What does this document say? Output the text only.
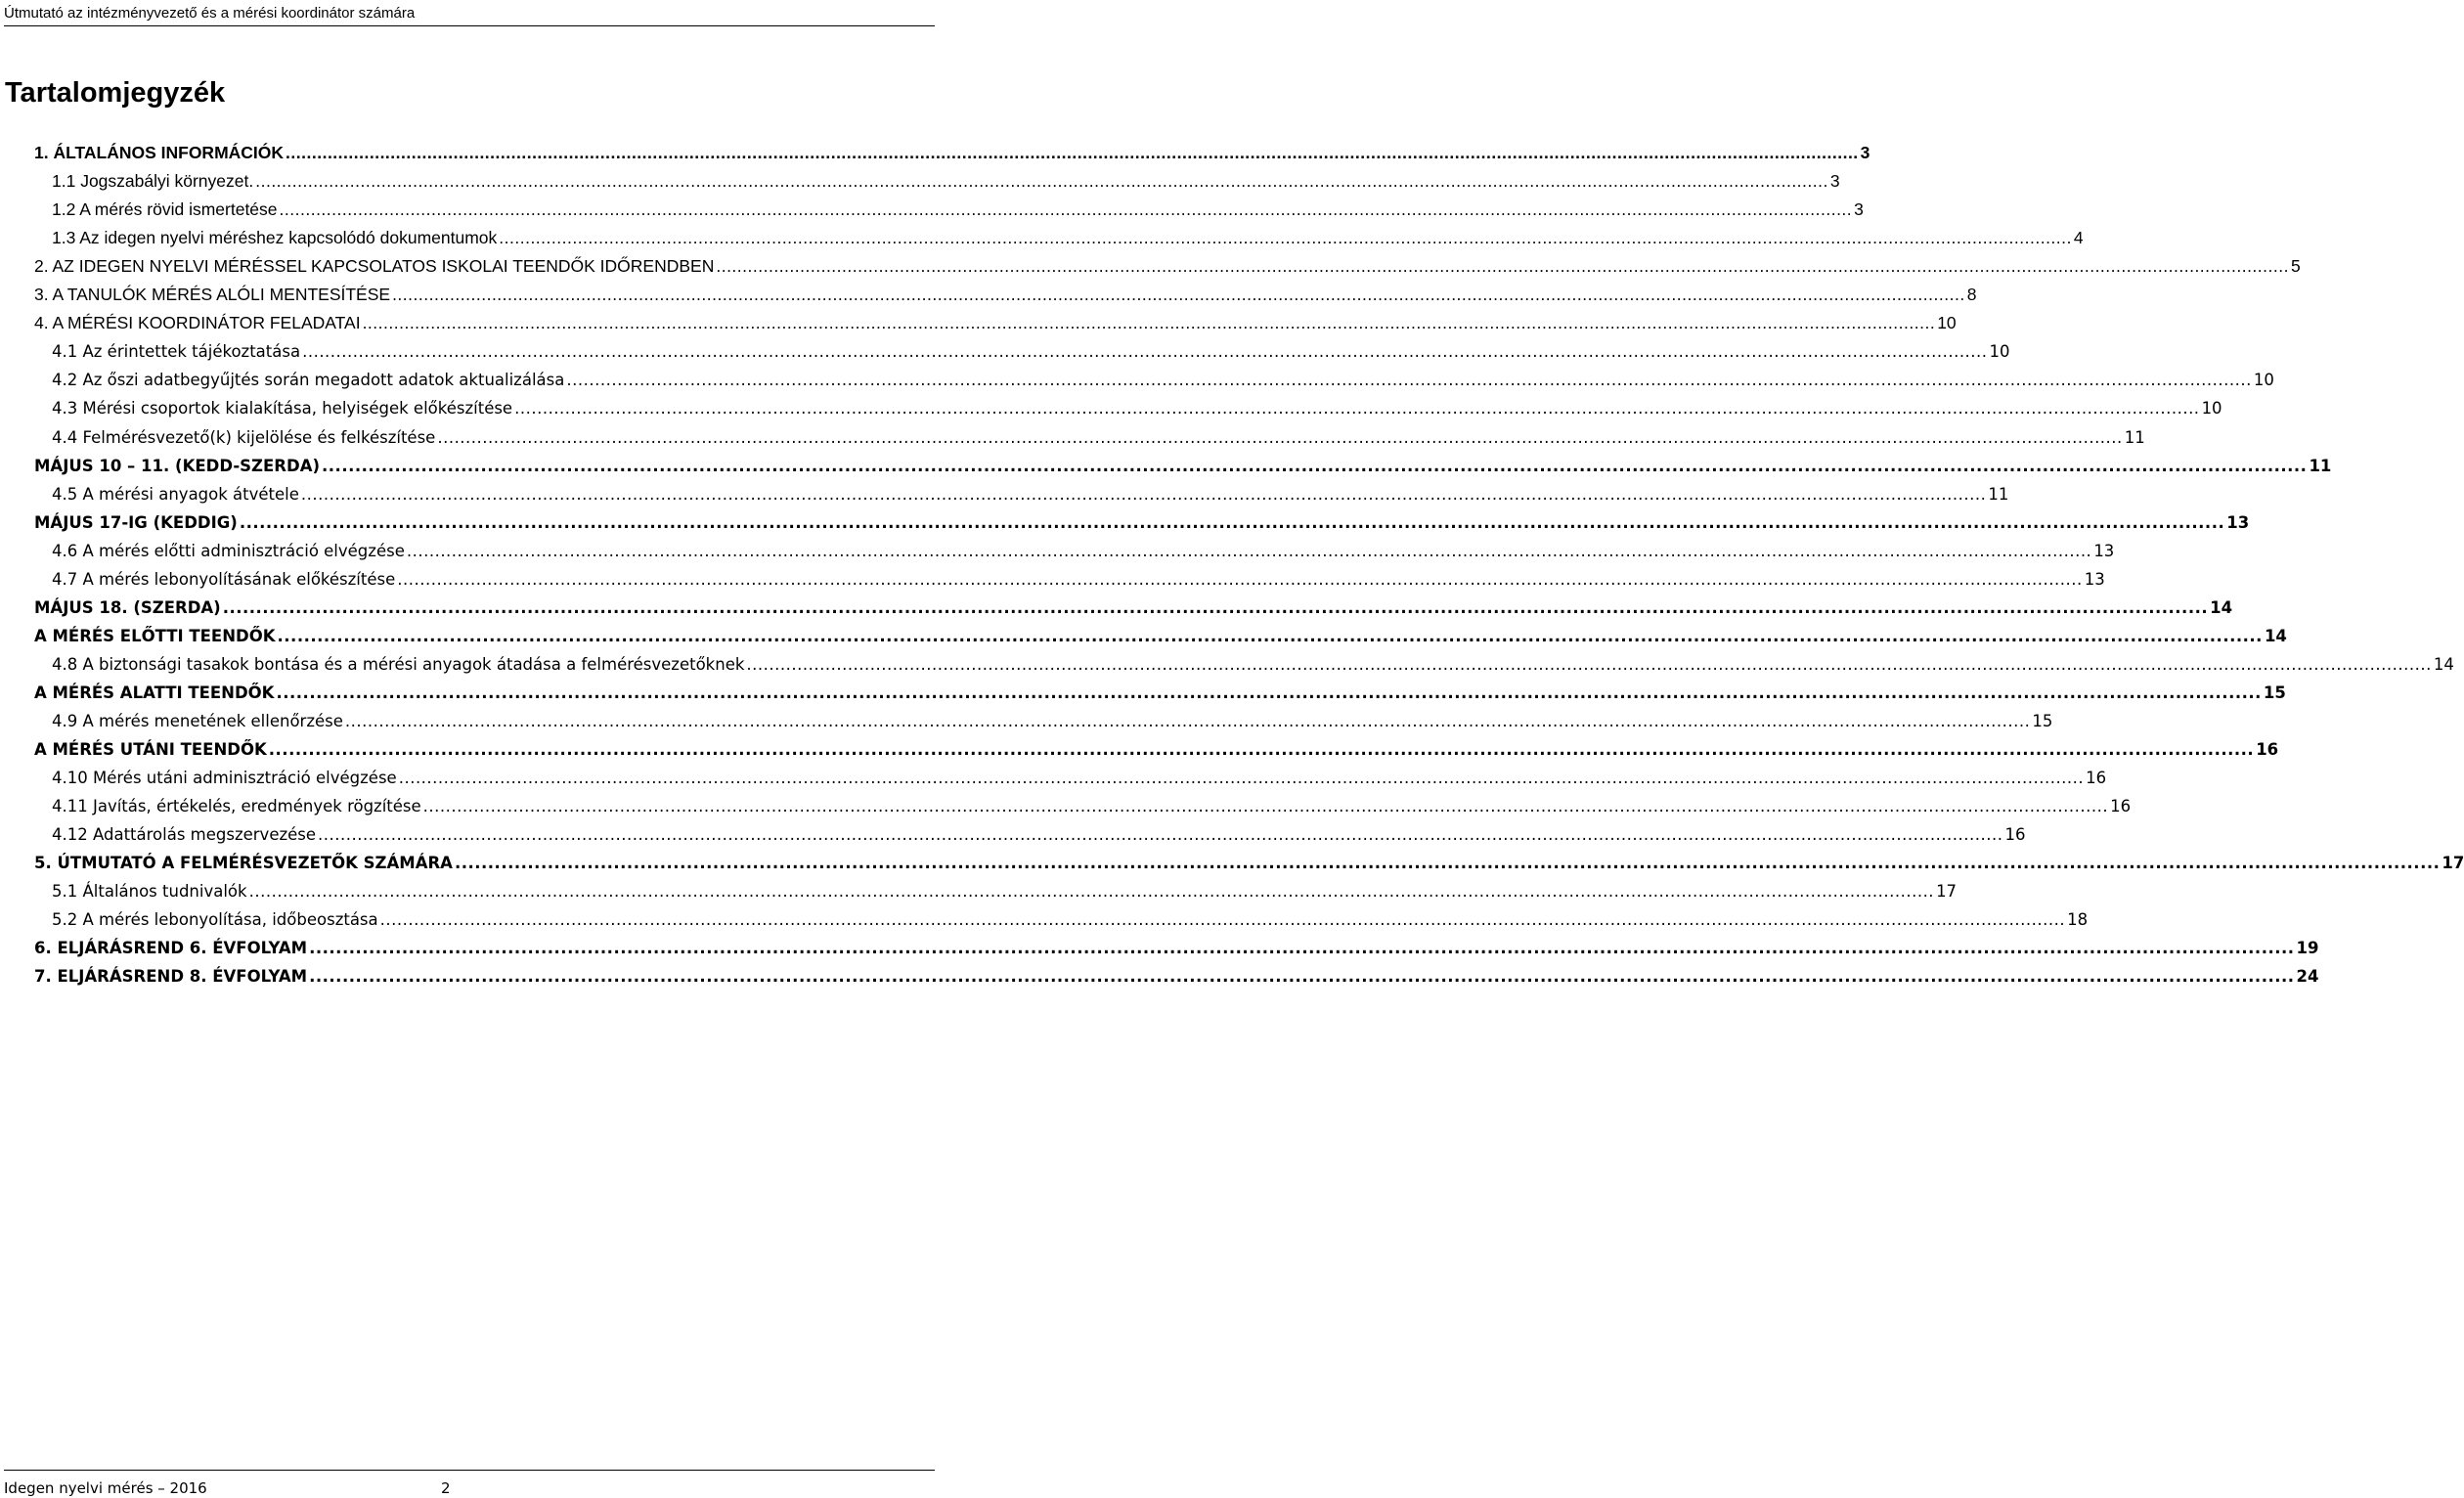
Útmutató az intézményvezető és a mérési koordinátor számára
Tartalomjegyzék
1. ÁLTALÁNOS INFORMÁCIÓK ............................................................................................................................................................................................................................................................................................................ 3
1.1 Jogszabályi környezet. ............................................................................................................................................................................................................................................................................................................ 3
1.2 A mérés rövid ismertetése ............................................................................................................................................................................................................................................................................................................ 3
1.3 Az idegen nyelvi méréshez kapcsolódó dokumentumok ............................................................................................................................................................................................................................................................................................................ 4
2. AZ IDEGEN NYELVI MÉRÉSSEL KAPCSOLATOS ISKOLAI TEENDŐK IDŐRENDBEN ............................................................................................................................................................................................................................................................................................................ 5
3. A TANULÓK MÉRÉS ALÓLI MENTESÍTÉSE ............................................................................................................................................................................................................................................................................................................ 8
4. A MÉRÉSI KOORDINÁTOR FELADATAI ............................................................................................................................................................................................................................................................................................................ 10
4.1 Az érintettek tájékoztatása ............................................................................................................................................................................................................................................................................................................ 10
4.2 Az őszi adatbegyűjtés során megadott adatok aktualizálása ............................................................................................................................................................................................................................................................................................................ 10
4.3 Mérési csoportok kialakítása, helyiségek előkészítése ............................................................................................................................................................................................................................................................................................................ 10
4.4 Felmérésvezető(k) kijelölése és felkészítése ............................................................................................................................................................................................................................................................................................................ 11
MÁJUS 10 – 11. (KEDD-SZERDA) ............................................................................................................................................................................................................................................................................................................ 11
4.5 A mérési anyagok átvétele ............................................................................................................................................................................................................................................................................................................ 11
MÁJUS 17-IG (KEDDIG) ............................................................................................................................................................................................................................................................................................................ 13
4.6 A mérés előtti adminisztráció elvégzése ............................................................................................................................................................................................................................................................................................................ 13
4.7 A mérés lebonyolításának előkészítése ............................................................................................................................................................................................................................................................................................................ 13
MÁJUS 18. (SZERDA) ............................................................................................................................................................................................................................................................................................................ 14
A MÉRÉS ELŐTTI TEENDŐK ............................................................................................................................................................................................................................................................................................................ 14
4.8 A biztonsági tasakok bontása és a mérési anyagok átadása a felmérésvezetőknek ............................................................................................................................................................................................................................................................................................................ 14
A MÉRÉS ALATTI TEENDŐK ............................................................................................................................................................................................................................................................................................................ 15
4.9 A mérés menetének ellenőrzése ............................................................................................................................................................................................................................................................................................................ 15
A MÉRÉS UTÁNI TEENDŐK ............................................................................................................................................................................................................................................................................................................ 16
4.10 Mérés utáni adminisztráció elvégzése ............................................................................................................................................................................................................................................................................................................ 16
4.11 Javítás, értékelés, eredmények rögzítése ............................................................................................................................................................................................................................................................................................................ 16
4.12 Adattárolás megszervezése ............................................................................................................................................................................................................................................................................................................ 16
5. ÚTMUTATÓ A FELMÉRÉSVEZETŐK SZÁMÁRA ............................................................................................................................................................................................................................................................................................................ 17
5.1 Általános tudnivalók ............................................................................................................................................................................................................................................................................................................ 17
5.2 A mérés lebonyolítása, időbeosztása ............................................................................................................................................................................................................................................................................................................ 18
6. ELJÁRÁSREND 6. ÉVFOLYAM ............................................................................................................................................................................................................................................................................................................ 19
7. ELJÁRÁSREND 8. ÉVFOLYAM ............................................................................................................................................................................................................................................................................................................ 24
Idegen nyelvi mérés – 2016	2
